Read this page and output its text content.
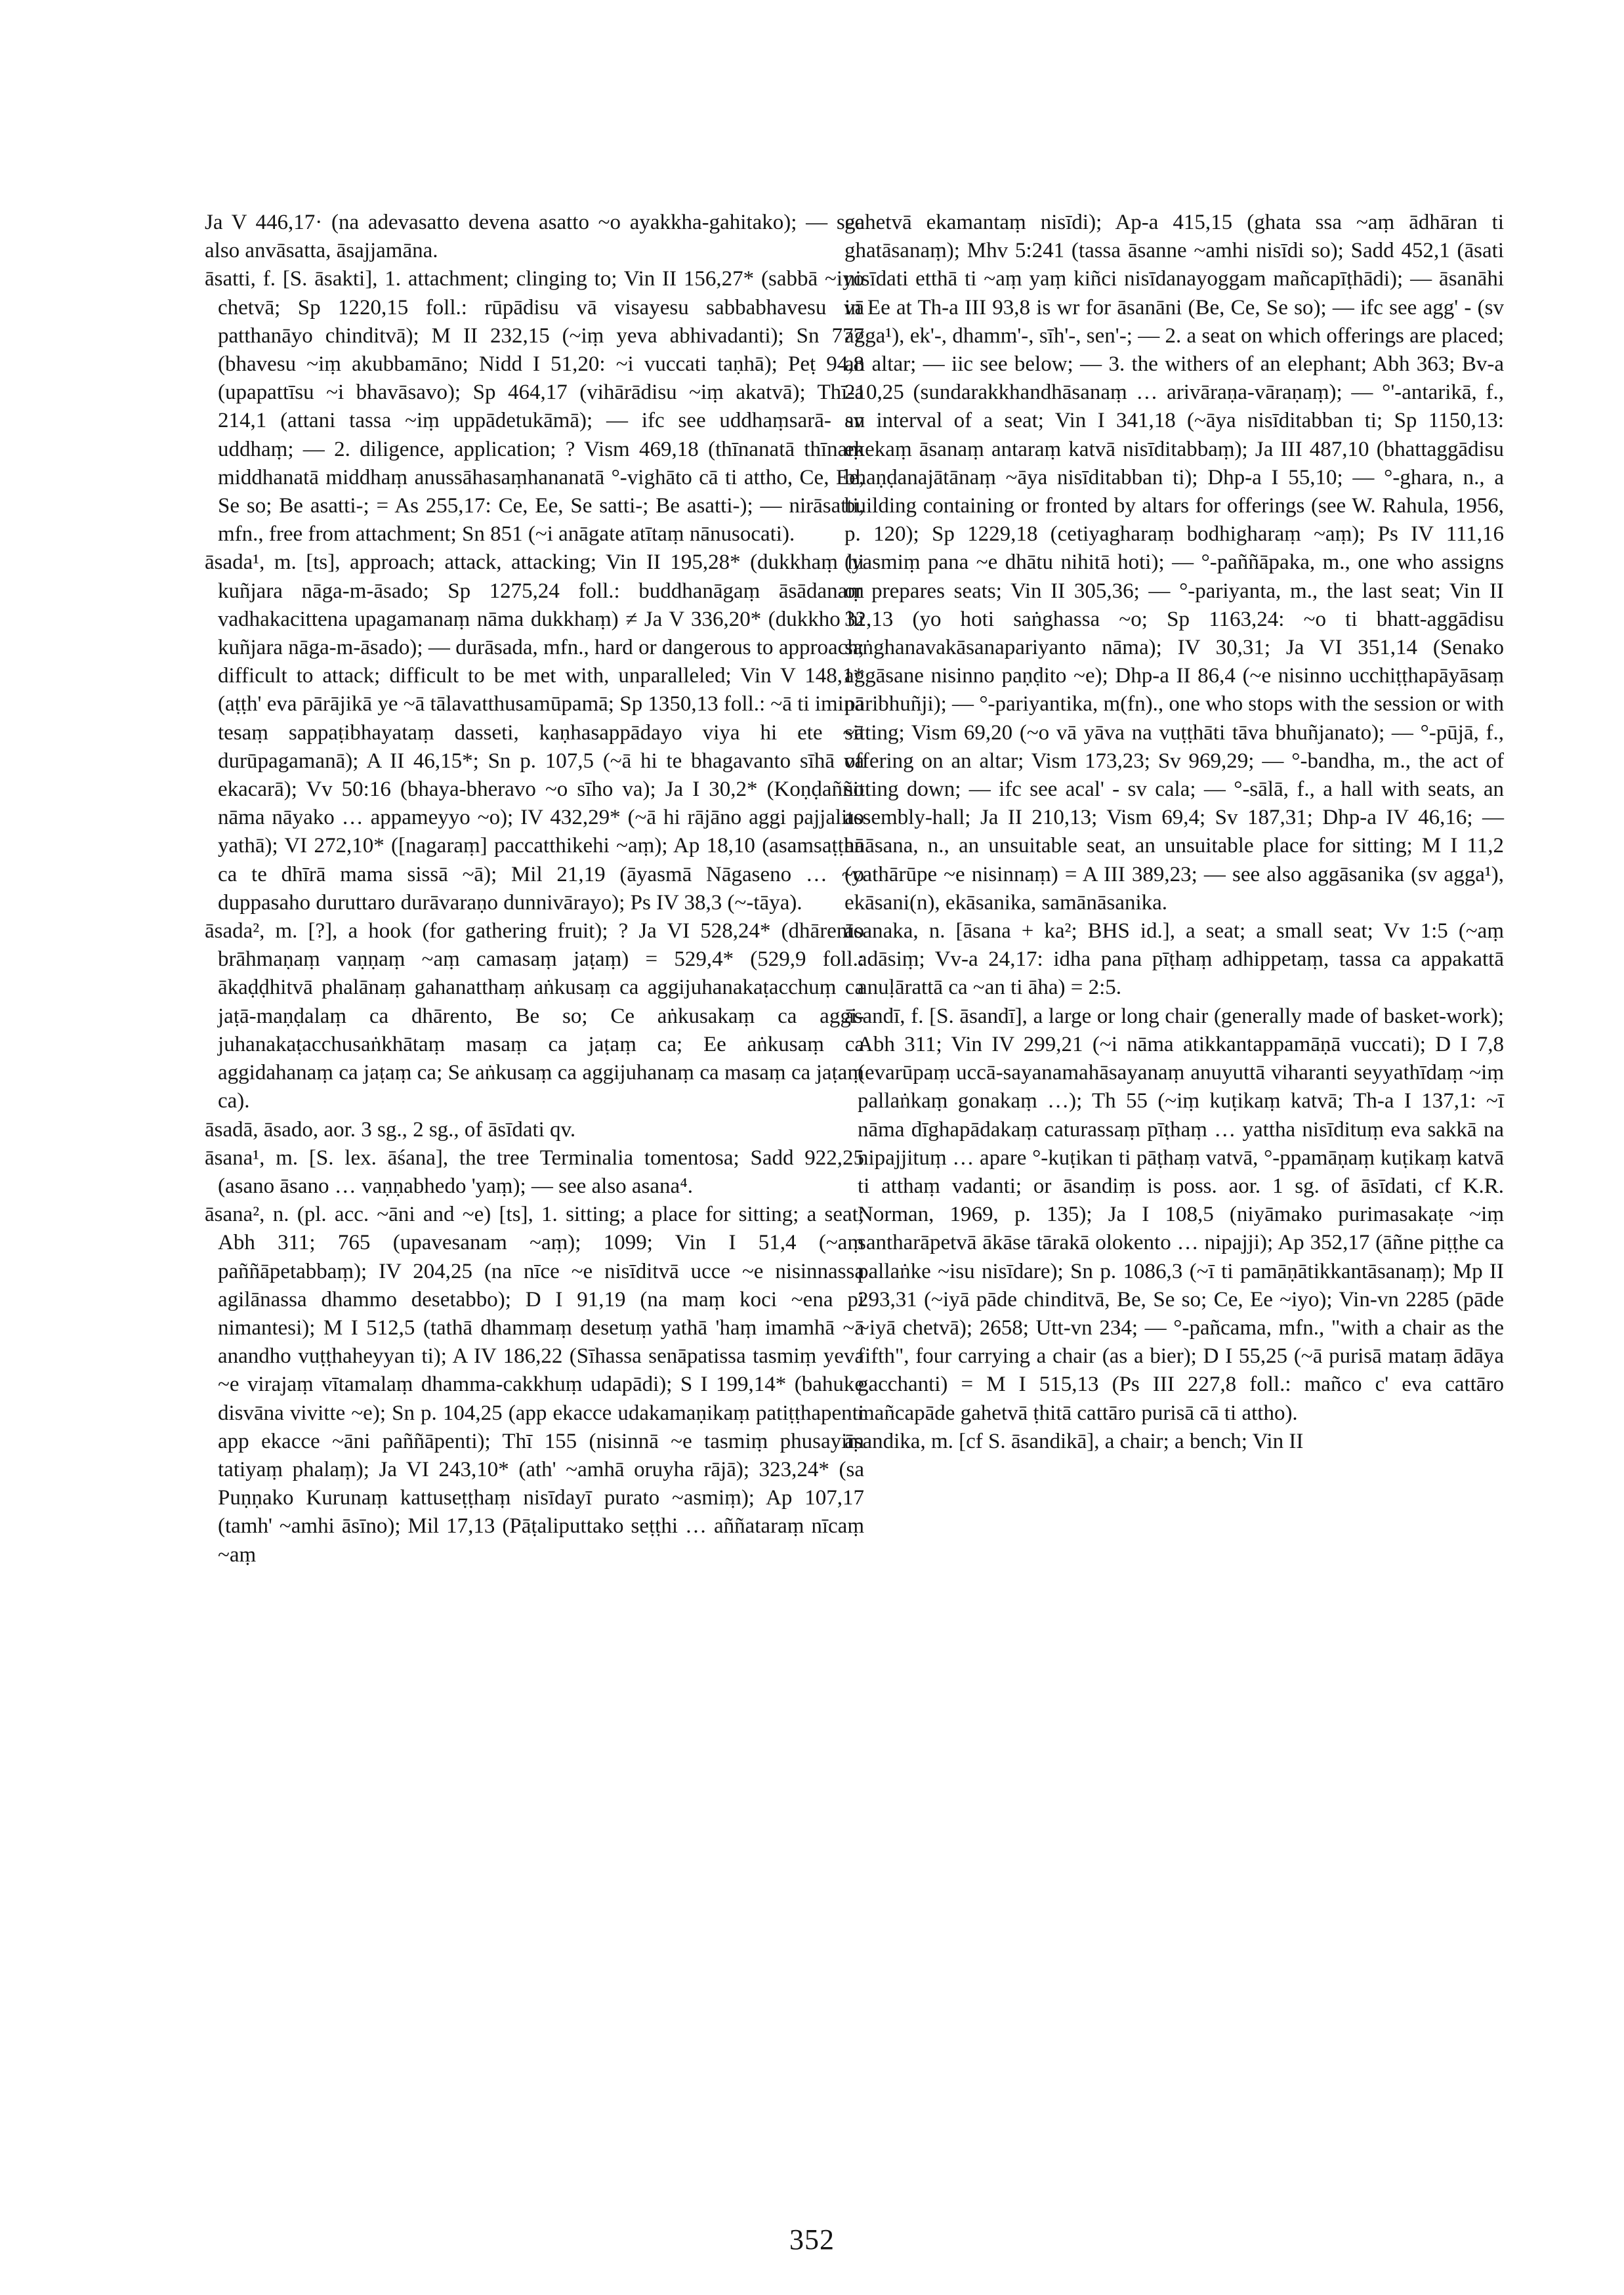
Ja V 446,17· (na adevasatto devena asatto ~o ayakkha-gahitako); — see also anvāsatta, āsajjamāna.

āsatti, f. [S. āsakti], 1. attachment; clinging to; Vin II 156,27* (sabbā ~iyo chetvā; Sp 1220,15 foll.: rūpādisu vā visayesu sabbabhavesu vā patthanāyo chinditvā); M II 232,15 (~iṃ yeva abhivadanti); Sn 777 (bhavesu ~iṃ akubbamāno; Nidd I 51,20: ~i vuccati taṇhā); Peṭ 94,8 (upapattīsu ~i bhavāsavo); Sp 464,17 (vihārādisu ~iṃ akatvā); Thī-a 214,1 (attani tassa ~iṃ uppādetukāmā); — ifc see uddhaṃsarā- sv uddhaṃ; — 2. diligence, application; ? Vism 469,18 (thīnanatā thīnaṃ middhanatā middhaṃ anussāhasaṃhananatā °-vighāto cā ti attho, Ce, Ee, Se so; Be asatti-; = As 255,17: Ce, Ee, Se satti-; Be asatti-); — nirāsatti, mfn., free from attachment; Sn 851 (~i anāgate atītaṃ nānusocati).

āsada¹, m. [ts], approach; attack, attacking; Vin II 195,28* (dukkhaṃ hi kuñjara nāga-m-āsado; Sp 1275,24 foll.: buddhanāgaṃ āsādanaṃ vadhakacittena upagamanaṃ nāma dukkhaṃ) ≠ Ja V 336,20* (dukkho hi kuñjara nāga-m-āsado); — durāsada, mfn., hard or dangerous to approach; difficult to attack; difficult to be met with, unparalleled; Vin V 148,1* (aṭṭh' eva pārājikā ye ~ā tālavatthusamūpamā; Sp 1350,13 foll.: ~ā ti iminā tesaṃ sappaṭibhayataṃ dasseti, kaṇhasappādayo viya hi ete ~ā durūpagamanā); A II 46,15*; Sn p. 107,5 (~ā hi te bhagavanto sīhā va ekacarā); Vv 50:16 (bhaya-bheravo ~o sīho va); Ja I 30,2* (Koṇḍañño nāma nāyako … appameyyo ~o); IV 432,29* (~ā hi rājāno aggi pajjalito yathā); VI 272,10* ([nagaraṃ] paccatthikehi ~aṃ); Ap 18,10 (asamsaṭṭhā ca te dhīrā mama sissā ~ā); Mil 21,19 (āyasmā Nāgaseno … ~o duppasaho duruttaro durāvaraṇo dunnivārayo); Ps IV 38,3 (~-tāya).

āsada², m. [?], a hook (for gathering fruit); ? Ja VI 528,24* (dhārento brāhmaṇaṃ vaṇṇaṃ ~aṃ camasaṃ jaṭaṃ) = 529,4* (529,9 foll.: ākaḍḍhitvā phalānaṃ gahanatthaṃ aṅkusaṃ ca aggijuhanakaṭacchuṃ ca jaṭā-maṇḍalaṃ ca dhārento, Be so; Ce aṅkusakaṃ ca aggi-juhanakaṭacchusaṅkhātaṃ masaṃ ca jaṭaṃ ca; Ee aṅkusaṃ ca aggidahanaṃ ca jaṭaṃ ca; Se aṅkusaṃ ca aggijuhanaṃ ca masaṃ ca jaṭaṃ ca).

āsadā, āsado, aor. 3 sg., 2 sg., of āsīdati qv.

āsana¹, m. [S. lex. āśana], the tree Terminalia tomentosa; Sadd 922,25 (asano āsano … vaṇṇabhedo 'yaṃ); — see also asana⁴.

āsana², n. (pl. acc. ~āni and ~e) [ts], 1. sitting; a place for sitting; a seat; Abh 311; 765 (upavesanam ~aṃ); 1099; Vin I 51,4 (~aṃ paññāpetabbaṃ); IV 204,25 (na nīce ~e nisīditvā ucce ~e nisinnassa agilānassa dhammo desetabbo); D I 91,19 (na maṃ koci ~ena pi nimantesi); M I 512,5 (tathā dhammaṃ desetuṃ yathā 'haṃ imamhā ~ā anandho vuṭṭhaheyyan ti); A IV 186,22 (Sīhassa senāpatissa tasmiṃ yeva ~e virajaṃ vītamalaṃ dhamma-cakkhuṃ udapādi); S I 199,14* (bahuke disvāna vivitte ~e); Sn p. 104,25 (app ekacce udakamaṇikaṃ patiṭṭhapenti app ekacce ~āni paññāpenti); Thī 155 (nisinnā ~e tasmiṃ phusayiṃ tatiyaṃ phalaṃ); Ja VI 243,10* (ath' ~amhā oruyha rājā); 323,24* (sa Puṇṇako Kurunaṃ kattuseṭṭhaṃ nisīdayī purato ~asmiṃ); Ap 107,17 (tamh' ~amhi āsīno); Mil 17,13 (Pāṭaliputtako seṭṭhi … aññataraṃ nīcaṃ ~aṃ

gahetvā ekamantaṃ nisīdi); Ap-a 415,15 (ghata ssa ~aṃ ādhāran ti ghatāsanaṃ); Mhv 5:241 (tassa āsanne ~amhi nisīdi so); Sadd 452,1 (āsati nisīdati etthā ti ~aṃ yaṃ kiñci nisīdanayoggam mañcapīṭhādi); — āsanāhi in Ee at Th-a III 93,8 is wr for āsanāni (Be, Ce, Se so); — ifc see agg' - (sv agga¹), ek'-, dhamm'-, sīh'-, sen'-; — 2. a seat on which offerings are placed; an altar; — iic see below; — 3. the withers of an elephant; Abh 363; Bv-a 210,25 (sundarakkhandhāsanaṃ … arivāraṇa-vāraṇaṃ); — °'-antarikā, f., an interval of a seat; Vin I 341,18 (~āya nisīditabban ti; Sp 1150,13: ekekaṃ āsanaṃ antaraṃ katvā nisīditabbaṃ); Ja III 487,10 (bhattaggādisu bhaṇḍanajātānaṃ ~āya nisīditabban ti); Dhp-a I 55,10; — °-ghara, n., a building containing or fronted by altars for offerings (see W. Rahula, 1956, p. 120); Sp 1229,18 (cetiyagharaṃ bodhigharaṃ ~aṃ); Ps IV 111,16 (yasmiṃ pana ~e dhātu nihitā hoti); — °-paññāpaka, m., one who assigns or prepares seats; Vin II 305,36; — °-pariyanta, m., the last seat; Vin II 32,13 (yo hoti saṅghassa ~o; Sp 1163,24: ~o ti bhatt-aggādisu saṅghanavakāsanapariyanto nāma); IV 30,31; Ja VI 351,14 (Senako aggāsane nisinno paṇḍito ~e); Dhp-a II 86,4 (~e nisinno ucchiṭṭhapāyāsaṃ paribhuñji); — °-pariyantika, m(fn)., one who stops with the session or with sitting; Vism 69,20 (~o vā yāva na vuṭṭhāti tāva bhuñjanato); — °-pūjā, f., offering on an altar; Vism 173,23; Sv 969,29; — °-bandha, m., the act of sitting down; — ifc see acal' - sv cala; — °-sālā, f., a hall with seats, an assembly-hall; Ja II 210,13; Vism 69,4; Sv 187,31; Dhp-a IV 46,16; — anāsana, n., an unsuitable seat, an unsuitable place for sitting; M I 11,2 (yathārūpe ~e nisinnaṃ) = A III 389,23; — see also aggāsanika (sv agga¹), ekāsani(n), ekāsanika, samānāsanika.

āsanaka, n. [āsana + ka²; BHS id.], a seat; a small seat; Vv 1:5 (~aṃ adāsiṃ; Vv-a 24,17: idha pana pīṭhaṃ adhippetaṃ, tassa ca appakattā anuḷārattā ca ~an ti āha) = 2:5.

āsandī, f. [S. āsandī], a large or long chair (generally made of basket-work); Abh 311; Vin IV 299,21 (~i nāma atikkantappamāṇā vuccati); D I 7,8 (evarūpaṃ uccā-sayanamahāsayanaṃ anuyuttā viharanti seyyathīdaṃ ~iṃ pallaṅkaṃ gonakaṃ …); Th 55 (~iṃ kuṭikaṃ katvā; Th-a I 137,1: ~ī nāma dīghapādakaṃ caturassaṃ pīṭhaṃ … yattha nisīdituṃ eva sakkā na nipajjituṃ … apare °-kuṭikan ti pāṭhaṃ vatvā, °-ppamāṇaṃ kuṭikaṃ katvā ti atthaṃ vadanti; or āsandiṃ is poss. aor. 1 sg. of āsīdati, cf K.R. Norman, 1969, p. 135); Ja I 108,5 (niyāmako purimasakaṭe ~iṃ santharāpetvā ākāse tārakā olokento … nipajji); Ap 352,17 (āñne piṭṭhe ca pallaṅke ~isu nisīdare); Sn p. 1086,3 (~ī ti pamāṇātikkantāsanaṃ); Mp II 293,31 (~iyā pāde chinditvā, Be, Se so; Ce, Ee ~iyo); Vin-vn 2285 (pāde ~iyā chetvā); 2658; Utt-vn 234; — °-pañcama, mfn., "with a chair as the fifth", four carrying a chair (as a bier); D I 55,25 (~ā purisā mataṃ ādāya gacchanti) = M I 515,13 (Ps III 227,8 foll.: mañco c' eva cattāro mañcapāde gahetvā ṭhitā cattāro purisā cā ti attho).

āsandika, m. [cf S. āsandikā], a chair; a bench; Vin II

352
